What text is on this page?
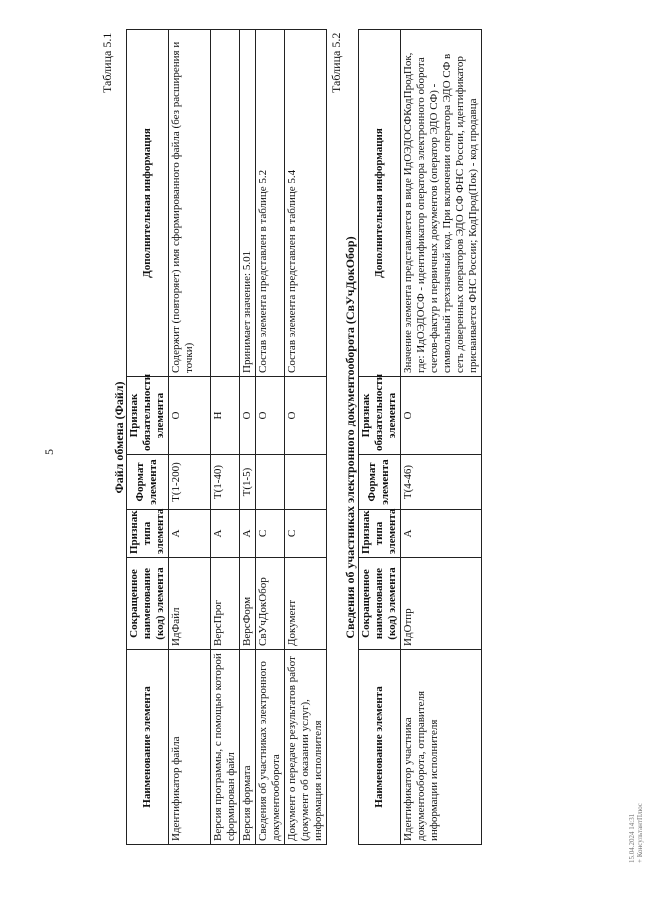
5
Таблица 5.1
Файл обмена (Файл)
Наименование элемента	Сокращенное наименование (код) элемента	Признак типа элемента	Формат элемента	Признак обязательности элемента	Дополнительная информация
Идентификатор файла	ИдФайл	А	T(1-200)	О	Содержит (повторяет) имя сформированного файла (без расширения и точки)
Версия программы, с помощью которой сформирован файл	ВерсПрог	А	T(1-40)	Н	
Версия формата	ВерсФорм	А	T(1-5)	О	Принимает значение: 5.01
Сведения об участниках электронного документооборота	СвУчДокОбор	С		О	Состав элемента представлен в таблице 5.2
Документ о передаче результатов работ (документ об оказании услуг), информация исполнителя	Документ	С		О	Состав элемента представлен в таблице 5.4
Таблица 5.2
Сведения об участниках электронного документооборота (СвУчДокОбор)
Наименование элемента	Сокращенное наименование (код) элемента	Признак типа элемента	Формат элемента	Признак обязательности элемента	Дополнительная информация
Идентификатор участника документооборота, отправителя информации исполнителя	ИдОтпр	А	T(4-46)	О	Значение элемента представляется в виде ИдОЭДОСФКодПродПок, где: ИдОЭДОСФ - идентификатор оператора электронного оборота счетов-фактур и первичных документов (оператор ЭДО СФ) - символьный трехзначный код. При включении оператора ЭДО СФ в сеть доверенных операторов ЭДО СФ ФНС России, идентификатор присваивается ФНС России; КодПрод(Пок) - код продавца
15.04.2024 14:31 + КонсультантПлюс
